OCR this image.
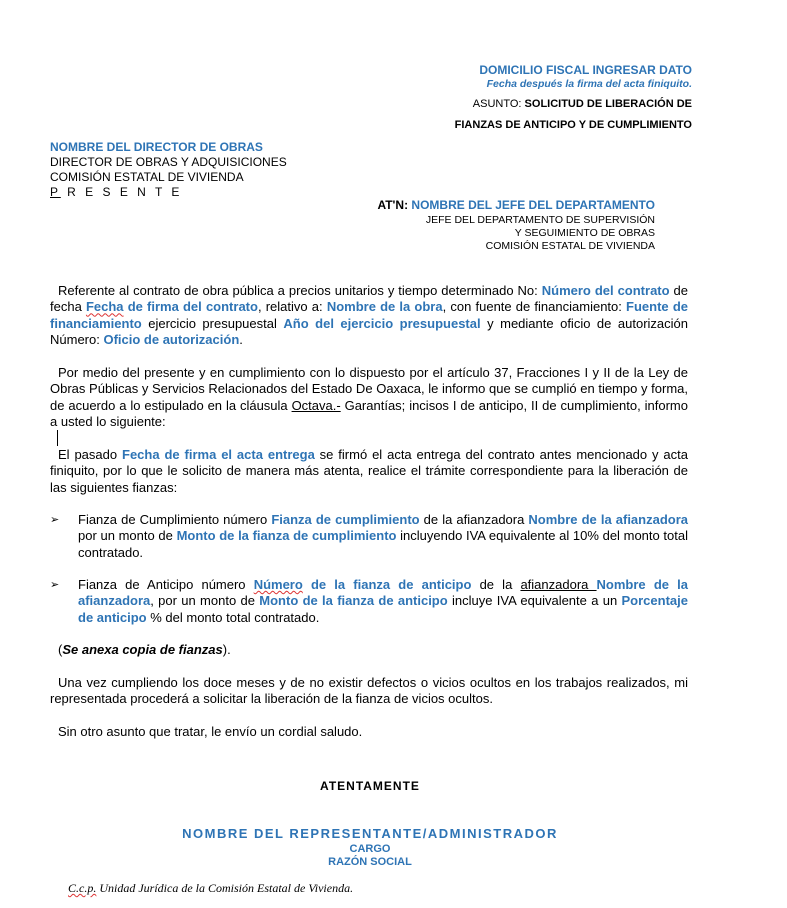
DOMICILIO FISCAL INGRESAR DATO
Fecha después la firma del acta finiquito.
ASUNTO: SOLICITUD DE LIBERACIÓN DE
FIANZAS DE ANTICIPO Y DE CUMPLIMIENTO
NOMBRE DEL DIRECTOR DE OBRAS
DIRECTOR DE OBRAS Y ADQUISICIONES
COMISIÓN ESTATAL DE VIVIENDA
P R E S E N T E
AT'N: NOMBRE DEL JEFE DEL DEPARTAMENTO
JEFE DEL DEPARTAMENTO DE SUPERVISIÓN
Y SEGUIMIENTO DE OBRAS
COMISIÓN ESTATAL DE VIVIENDA
Referente al contrato de obra pública a precios unitarios y tiempo determinado No: Número del contrato de fecha Fecha de firma del contrato, relativo a: Nombre de la obra, con fuente de financiamiento: Fuente de financiamiento ejercicio presupuestal Año del ejercicio presupuestal y mediante oficio de autorización Número: Oficio de autorización.
Por medio del presente y en cumplimiento con lo dispuesto por el artículo 37, Fracciones I y II de la Ley de Obras Públicas y Servicios Relacionados del Estado De Oaxaca, le informo que se cumplió en tiempo y forma, de acuerdo a lo estipulado en la cláusula Octava.- Garantías; incisos I de anticipo, II de cumplimiento, informo a usted lo siguiente:
El pasado Fecha de firma el acta entrega se firmó el acta entrega del contrato antes mencionado y acta finiquito, por lo que le solicito de manera más atenta, realice el trámite correspondiente para la liberación de las siguientes fianzas:
➢	Fianza de Cumplimiento número Fianza de cumplimiento de la afianzadora Nombre de la afianzadora por un monto de Monto de la fianza de cumplimiento incluyendo IVA equivalente al 10% del monto total contratado.
➢	Fianza de Anticipo número Número de la fianza de anticipo de la afianzadora Nombre de la afianzadora, por un monto de Monto de la fianza de anticipo incluye IVA equivalente a un Porcentaje de anticipo % del monto total contratado.
(Se anexa copia de fianzas).
Una vez cumpliendo los doce meses y de no existir defectos o vicios ocultos en los trabajos realizados, mi representada procederá a solicitar la liberación de la fianza de vicios ocultos.
Sin otro asunto que tratar, le envío un cordial saludo.
ATENTAMENTE
NOMBRE DEL REPRESENTANTE/ADMINISTRADOR
CARGO
RAZÓN SOCIAL
C.c.p. Unidad Jurídica de la Comisión Estatal de Vivienda.
